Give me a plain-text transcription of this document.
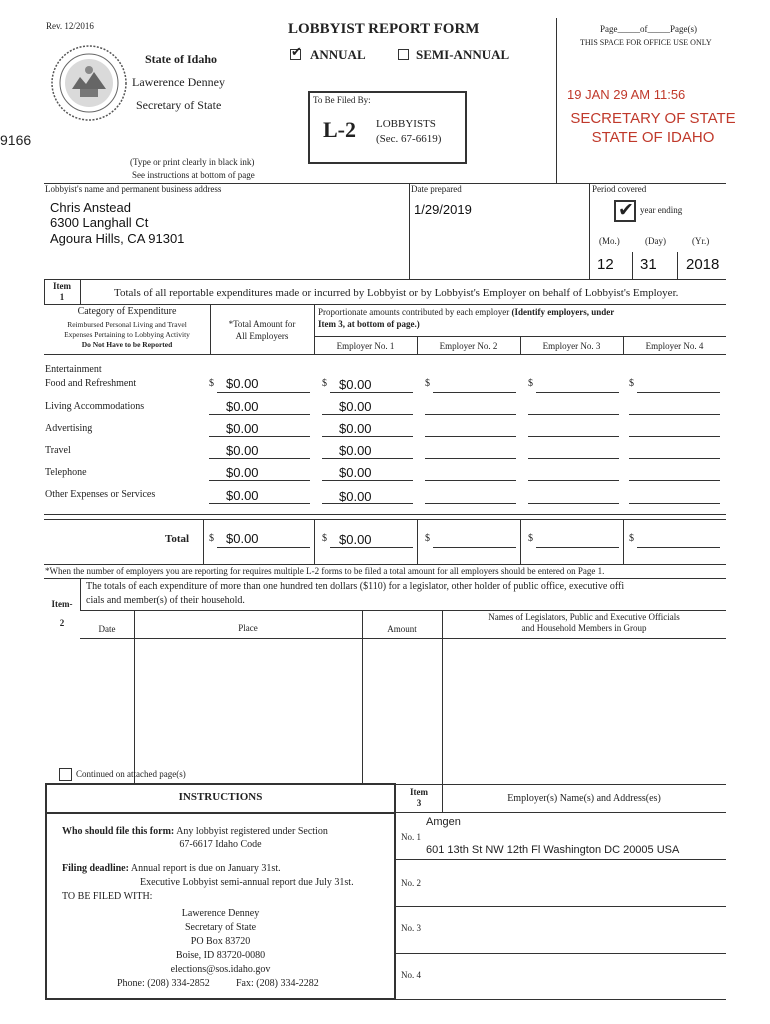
Rev. 12/2016
State of Idaho
Lawerence Denney
Secretary of State
9166
(Type or print clearly in black ink)
See instructions at bottom of page
LOBBYIST REPORT FORM
✔ ANNUAL	SEMI-ANNUAL
To Be Filed By:
L-2 LOBBYISTS
(Sec. 67-6619)
Page_____of_____Page(s)
THIS SPACE FOR OFFICE USE ONLY
19 JAN 29 AM 11:56
SECRETARY OF STATE
STATE OF IDAHO
Lobbyist's name and permanent business address
Chris Anstead
6300 Langhall Ct
Agoura Hills, CA 91301
Date prepared
1/29/2019
Period covered
✔ year ending
(Mo.)	(Day)	(Yr.)
12 31 2018
Item
1	Totals of all reportable expenditures made or incurred by Lobbyist or by Lobbyist's Employer on behalf of Lobbyist's Employer.
Category of Expenditure
Reimbursed Personal Living and Travel
Expenses Pertaining to Lobbying Activity
Do Not Have to be Reported
*Total Amount for
All Employers
Proportionate amounts contributed by each employer (Identify employers, under
Item 3, at bottom of page.)
Employer No. 1	Employer No. 2	Employer No. 3	Employer No. 4
Entertainment
Food and Refreshment	$ $0.00	$ $0.00	$	$	$
Living Accommodations	$0.00	$0.00
Advertising	$0.00	$0.00
Travel	$0.00	$0.00
Telephone	$0.00	$0.00
Other Expenses or Services	$0.00	$0.00
Total $ $0.00	$ $0.00	$	$	$
*When the number of employers you are reporting for requires multiple L-2 forms to be filed a total amount for all employers should be entered on Page 1.
Item-
2
The totals of each expenditure of more than one hundred ten dollars ($110) for a legislator, other holder of public office, executive offi
cials and member(s) of their household.
Date	Place	Amount
Names of Legislators, Public and Executive Officials
and Household Members in Group
Continued on attached page(s)
INSTRUCTIONS
Who should file this form: Any lobbyist registered under Section
67-6617 Idaho Code
Filing deadline: Annual report is due on January 31st.
Executive Lobbyist semi-annual report due July 31st.
TO BE FILED WITH:
Lawerence Denney
Secretary of State
PO Box 83720
Boise, ID 83720-0080
elections@sos.idaho.gov
Phone: (208) 334-2852	Fax: (208) 334-2282
Item
3	Employer(s) Name(s) and Address(es)
No. 1
Amgen
601 13th St NW 12th Fl Washington DC 20005 USA
No. 2
No. 3
No. 4
